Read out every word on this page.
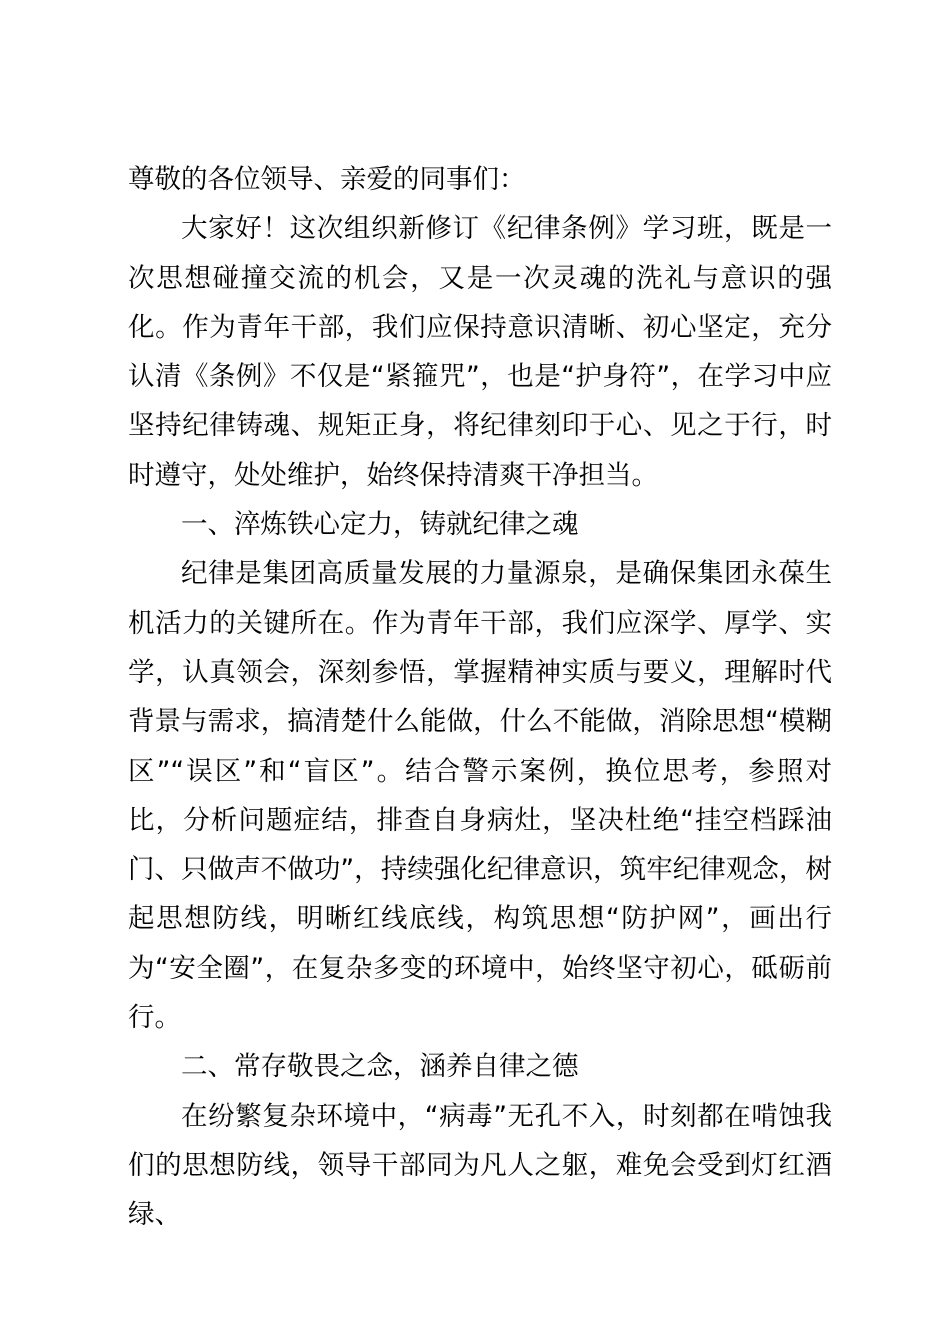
尊敬的各位领导、亲爱的同事们：

大家好！这次组织新修订《纪律条例》学习班，既是一次思想碰撞交流的机会，又是一次灵魂的洗礼与意识的强化。作为青年干部，我们应保持意识清晰、初心坚定，充分认清《条例》不仅是“紧箍咒”，也是“护身符”，在学习中应坚持纪律铸魂、规矩正身，将纪律刻印于心、见之于行，时时遵守，处处维护，始终保持清爽干净担当。

一、淬炼铁心定力，铸就纪律之魂

纪律是集团高质量发展的力量源泉，是确保集团永葆生机活力的关键所在。作为青年干部，我们应深学、厚学、实学，认真领会，深刻参悟，掌握精神实质与要义，理解时代背景与需求，搞清楚什么能做，什么不能做，消除思想“模糊区”“误区”和“盲区”。结合警示案例，换位思考，参照对比，分析问题症结，排查自身病灶，坚决杜绝“挂空档踩油门、只做声不做功”，持续强化纪律意识，筑牢纪律观念，树起思想防线，明晰红线底线，构筑思想“防护网”，画出行为“安全圈”，在复杂多变的环境中，始终坚守初心，砥砺前行。

二、常存敬畏之念，涵养自律之德

在纷繁复杂环境中，“病毒”无孔不入，时刻都在啃蚀我们的思想防线，领导干部同为凡人之躯，难免会受到灯红酒绿、
